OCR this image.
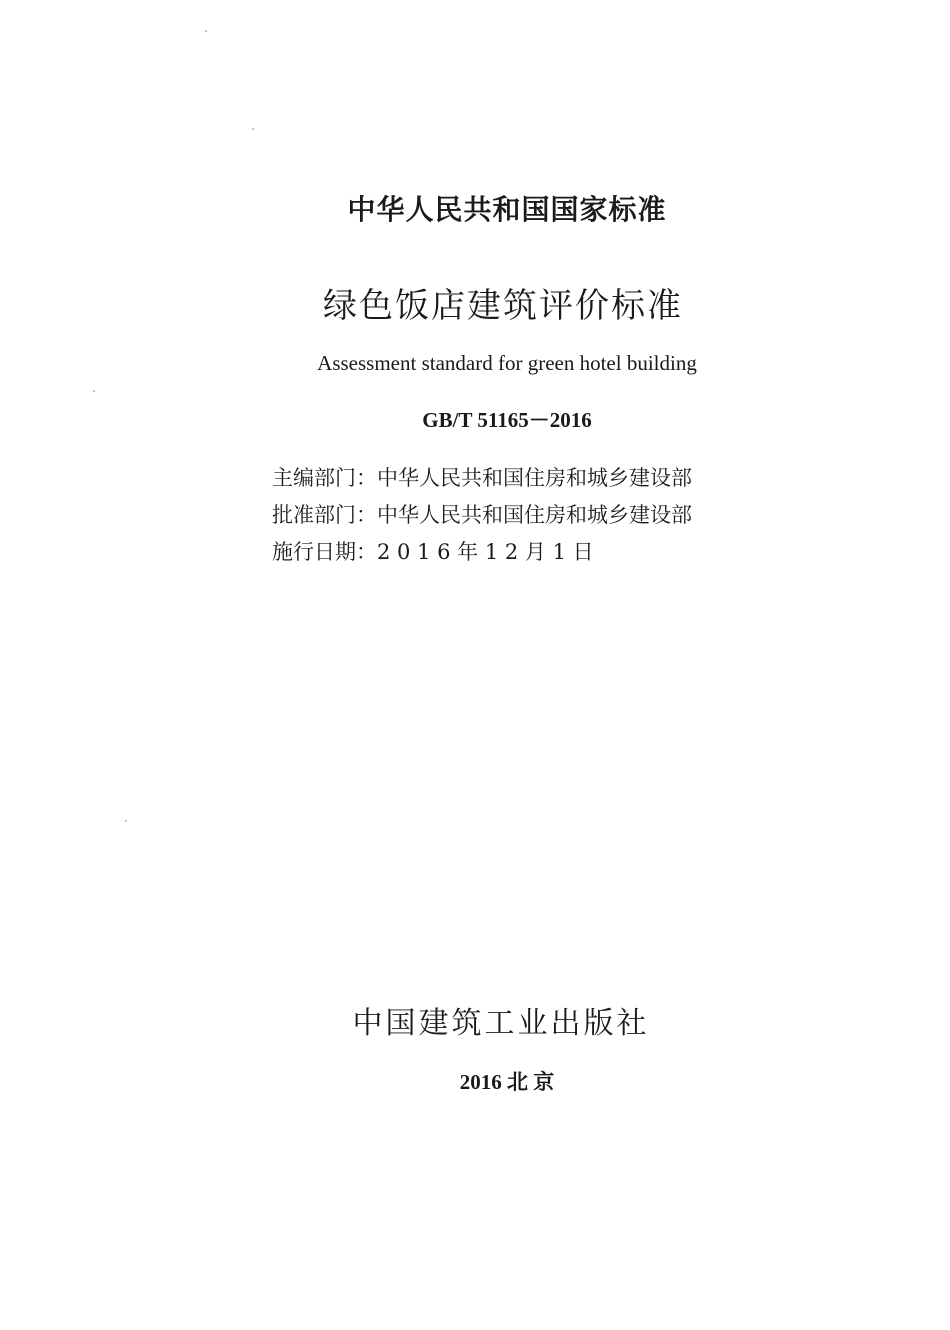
中华人民共和国国家标准
绿色饭店建筑评价标准
Assessment standard for green hotel building
GB/T 51165－2016
主编部门：中华人民共和国住房和城乡建设部
批准部门：中华人民共和国住房和城乡建设部
施行日期：2 0 1 6 年 1 2 月 1 日
中国建筑工业出版社
2016 北 京
